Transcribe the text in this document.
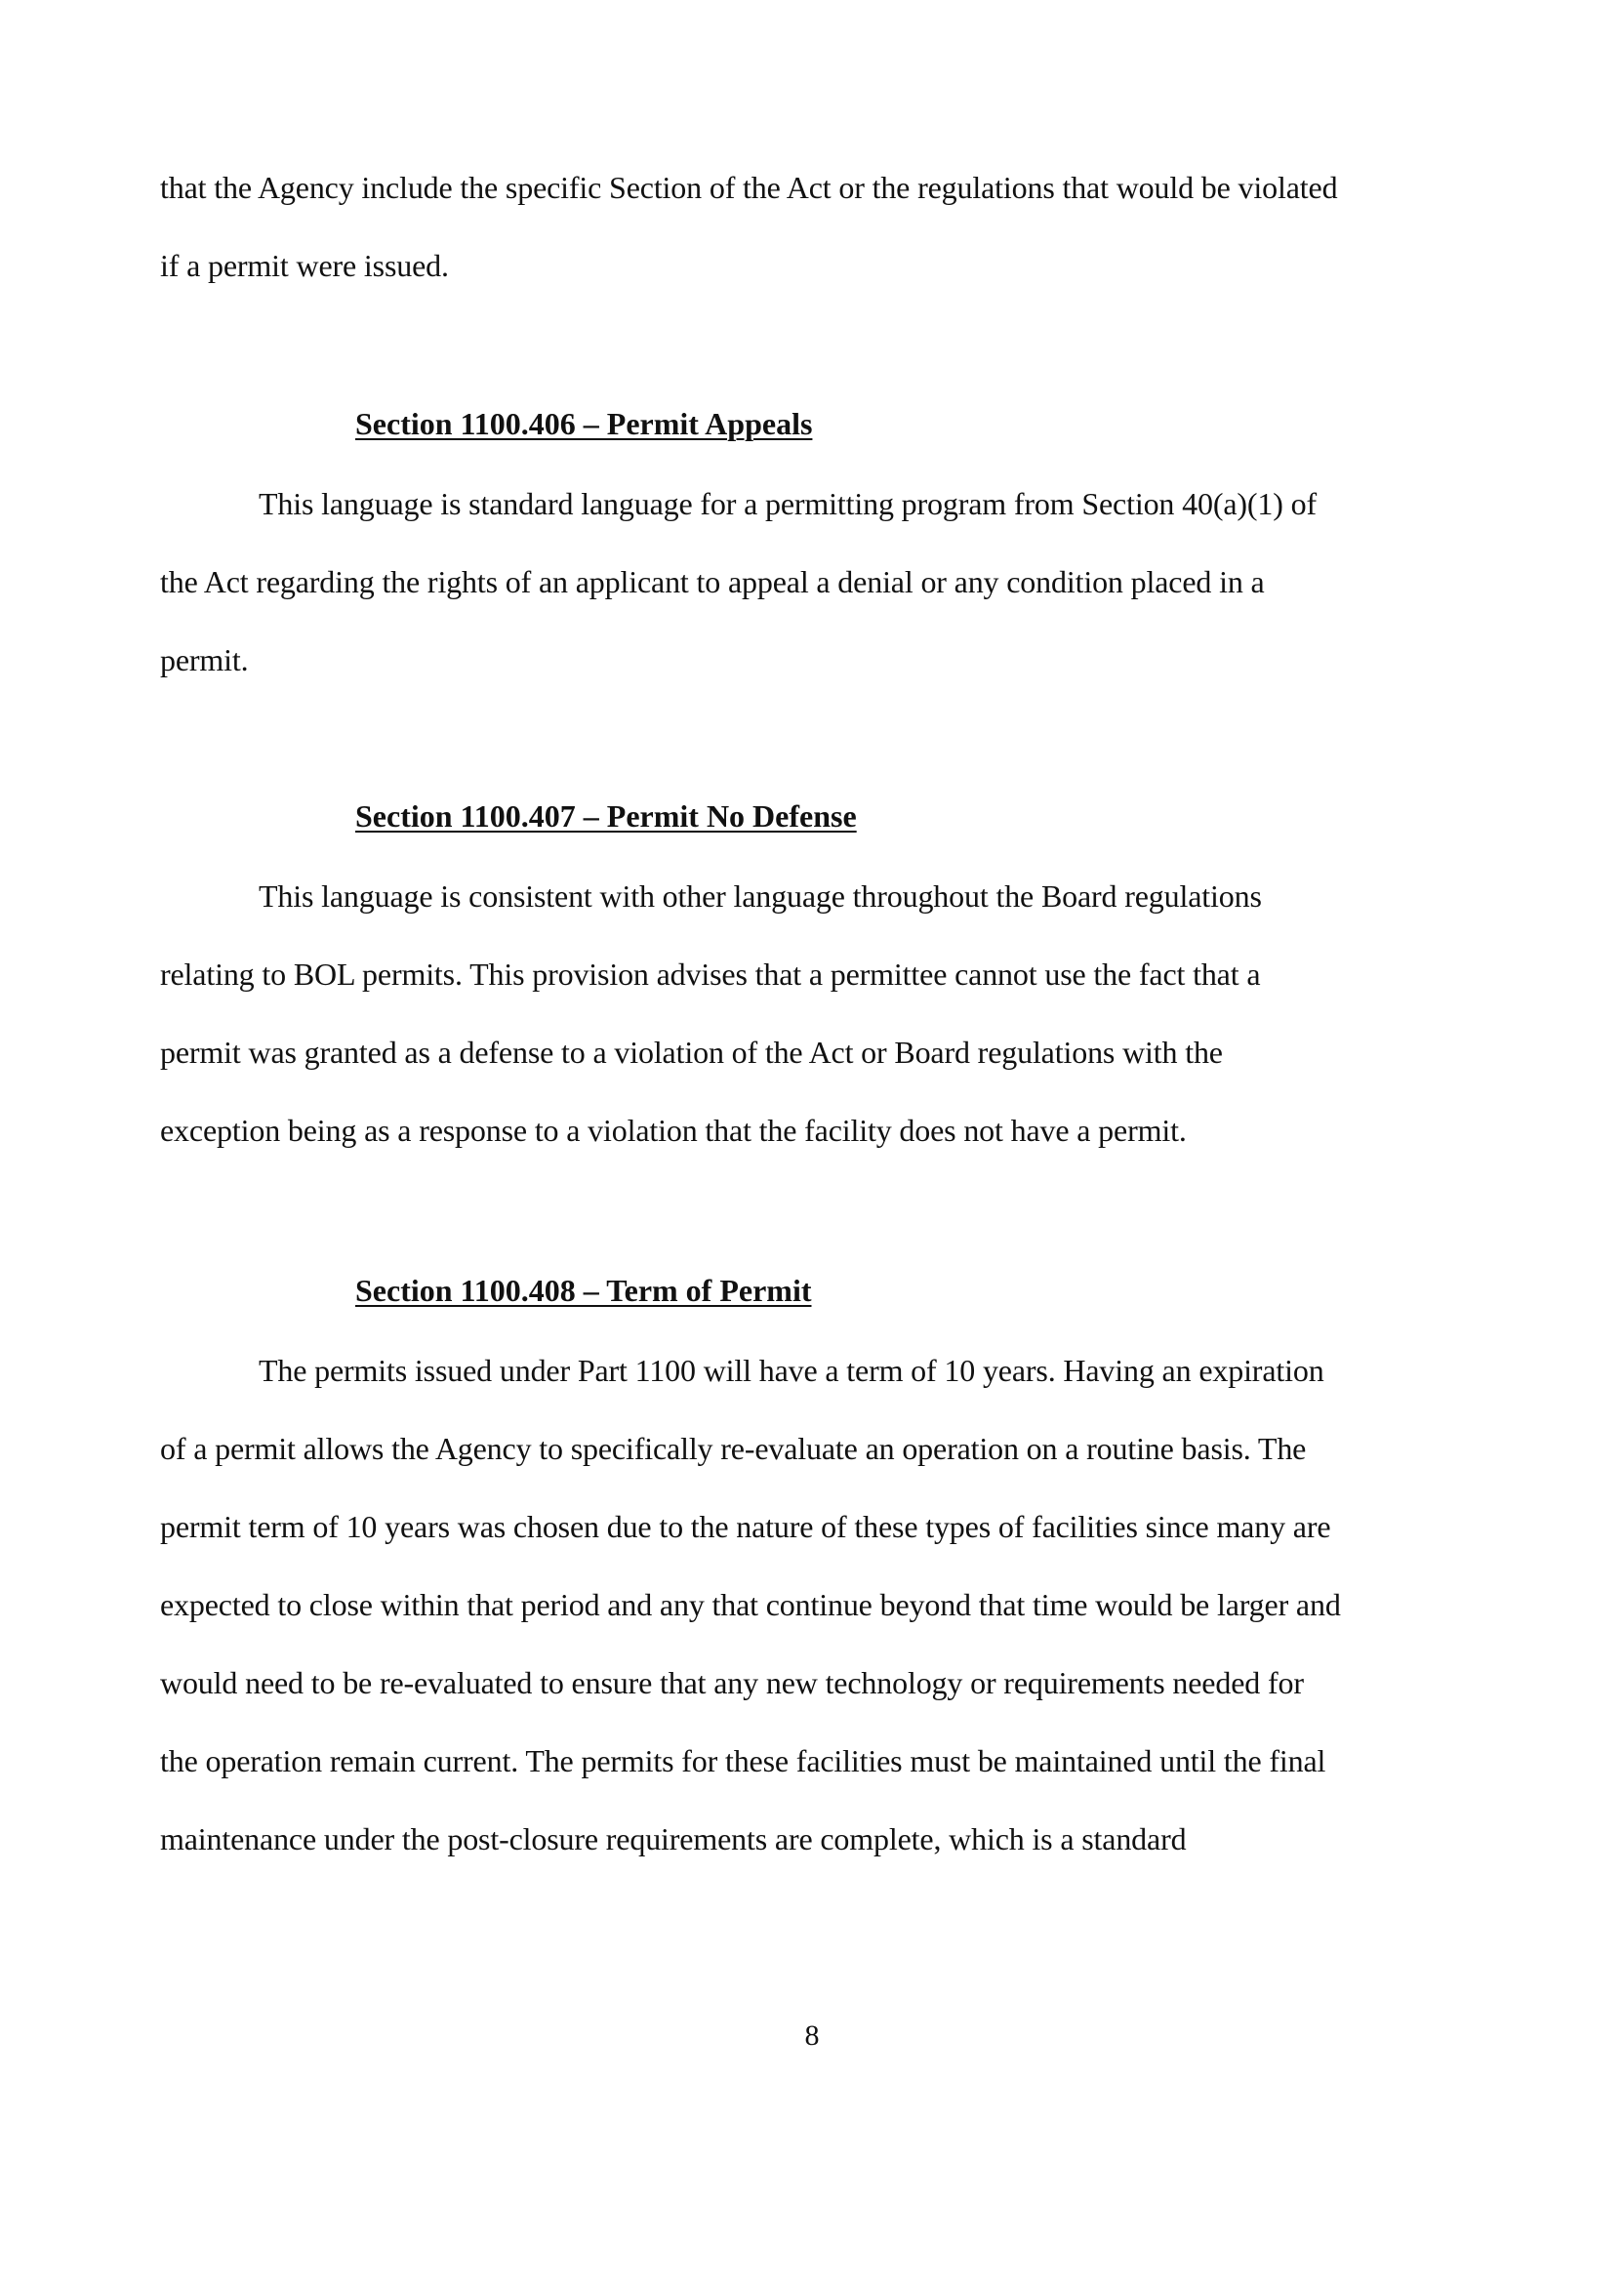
that the Agency include the specific Section of the Act or the regulations that would be violated
if a permit were issued.
Section 1100.406 – Permit Appeals
This language is standard language for a permitting program from Section 40(a)(1) of
the Act regarding the rights of an applicant to appeal a denial or any condition placed in a
permit.
Section 1100.407 – Permit No Defense
This language is consistent with other language throughout the Board regulations
relating to BOL permits. This provision advises that a permittee cannot use the fact that a
permit was granted as a defense to a violation of the Act or Board regulations with the
exception being as a response to a violation that the facility does not have a permit.
Section 1100.408 – Term of Permit
The permits issued under Part 1100 will have a term of 10 years. Having an expiration
of a permit allows the Agency to specifically re-evaluate an operation on a routine basis. The
permit term of 10 years was chosen due to the nature of these types of facilities since many are
expected to close within that period and any that continue beyond that time would be larger and
would need to be re-evaluated to ensure that any new technology or requirements needed for
the operation remain current. The permits for these facilities must be maintained until the final
maintenance under the post-closure requirements are complete, which is a standard
8
